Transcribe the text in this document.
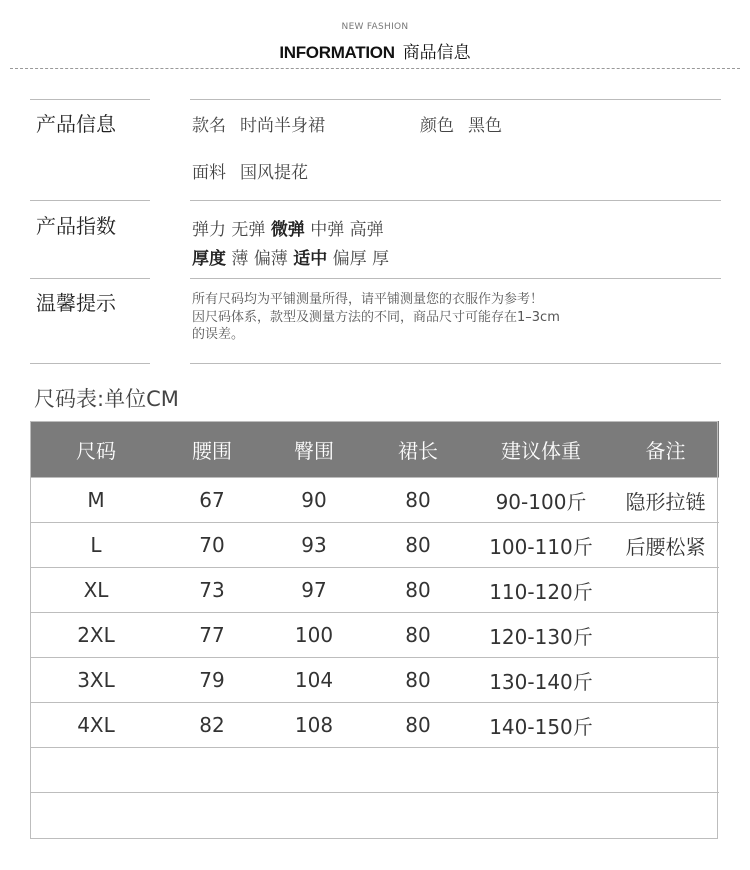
NEW FASHION
INFORMATION 商品信息
产品信息	款名 时尚半身裙	颜色 黑色
面料 国风提花
产品指数	弹力 无弹 微弹 中弹 高弹
厚度 薄 偏薄 适中 偏厚 厚
温馨提示	所有尺码均为平铺测量所得，请平铺测量您的衣服作为参考！
因尺码体系，款型及测量方法的不同，商品尺寸可能存在1–3cm
的误差。
尺码表:单位CM
尺码	腰围	臀围	裙长	建议体重	备注
M	67	90	80	90-100斤	隐形拉链
L	70	93	80	100-110斤	后腰松紧
XL	73	97	80	110-120斤	
2XL	77	100	80	120-130斤	
3XL	79	104	80	130-140斤	
4XL	82	108	80	140-150斤	
